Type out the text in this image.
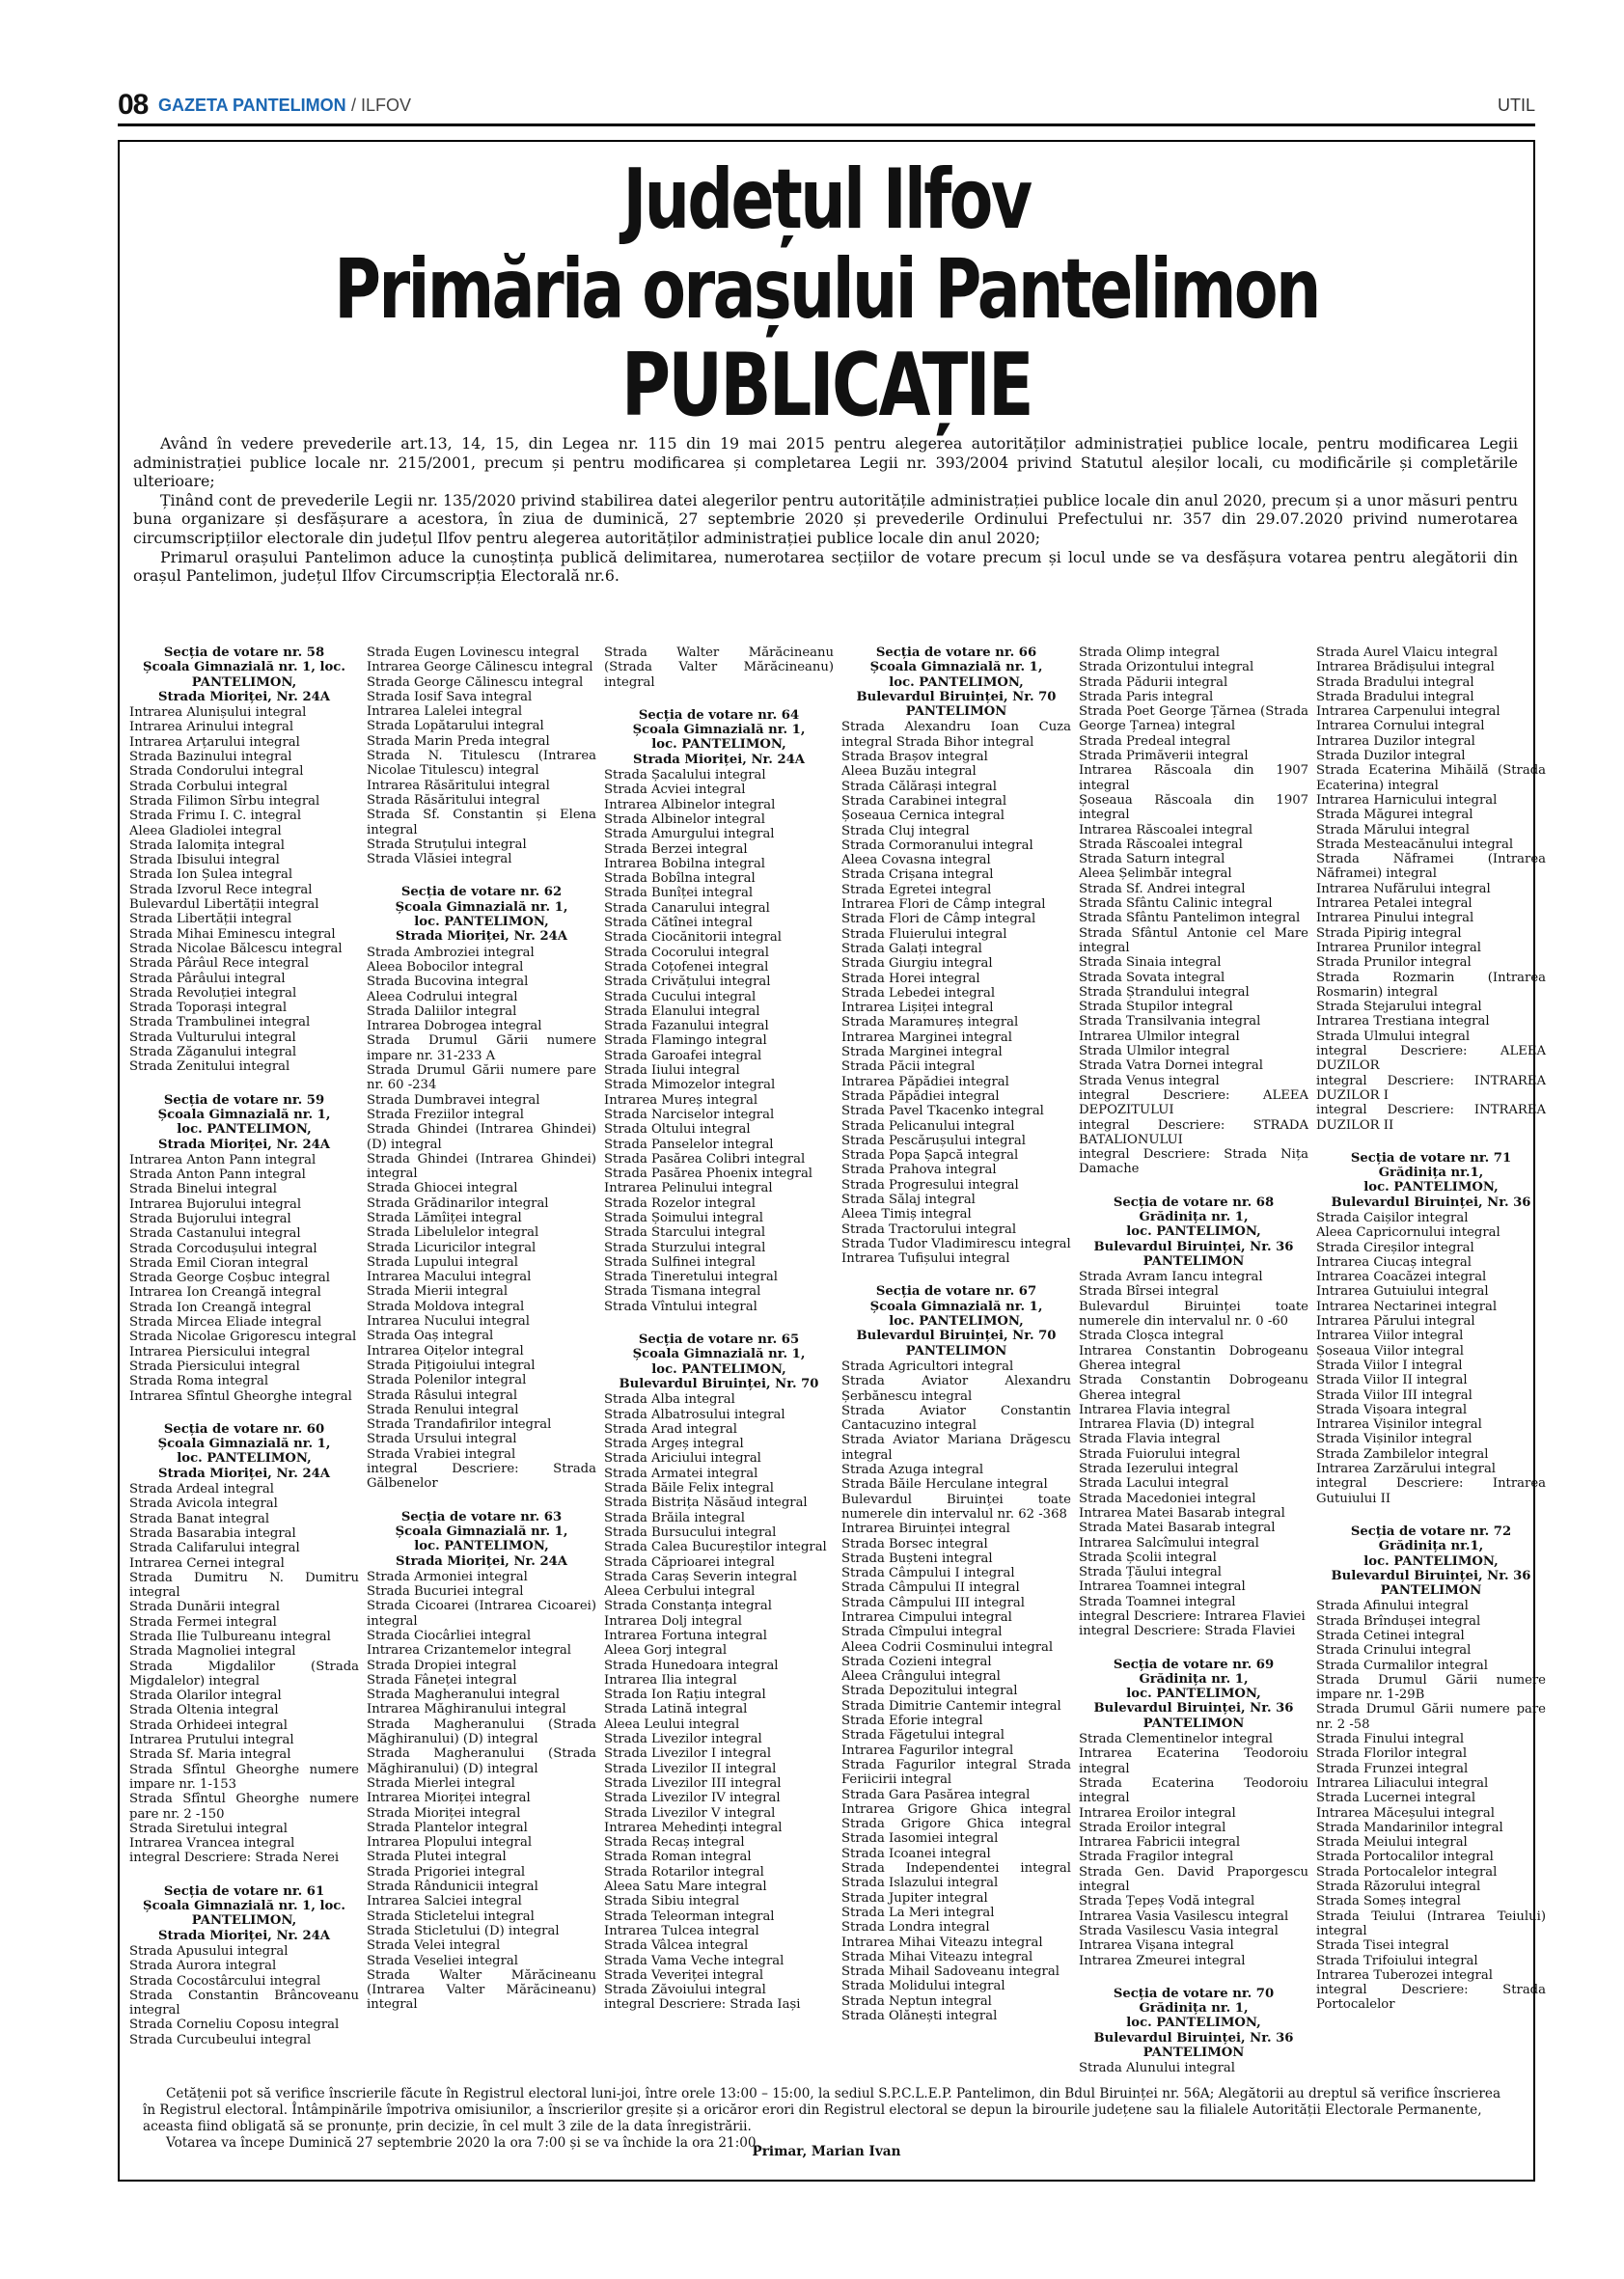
08 GAZETA PANTELIMON / ILFOV	UTIL
Județul Ilfov
Primăria orașului Pantelimon
PUBLICAȚIE

Având în vedere prevederile art.13, 14, 15, din Legea nr. 115 din 19 mai 2015 pentru alegerea autorităților administrației publice locale, pentru modificarea Legii administrației publice locale nr. 215/2001, precum și pentru modificarea și completarea Legii nr. 393/2004 privind Statutul aleșilor locali, cu modificările și completările ulterioare;

Ținând cont de prevederile Legii nr. 135/2020 privind stabilirea datei alegerilor pentru autoritățile administrației publice locale din anul 2020, precum și a unor măsuri pentru buna organizare și desfășurare a acestora, în ziua de duminică, 27 septembrie 2020 și prevederile Ordinului Prefectului nr. 357 din 29.07.2020 privind numerotarea circumscripțiilor electorale din județul Ilfov pentru alegerea autorităților administrației publice locale din anul 2020;

Primarul orașului Pantelimon aduce la cunoștința publică delimitarea, numerotarea secțiilor de votare precum și locul unde se va desfășura votarea pentru alegătorii din orașul Pantelimon, județul Ilfov Circumscripția Electorală nr.6.

Secția de votare nr. 58
Școala Gimnazială nr. 1, loc.
PANTELIMON,
Strada Mioriței, Nr. 24A
Intrarea Alunișului integral
Intrarea Arinului integral
Intrarea Arțarului integral
Strada Bazinului integral
Strada Condorului integral
Strada Corbului integral
Strada Filimon Sîrbu integral
Strada Frimu I. C. integral
Aleea Gladiolei integral
Strada Ialomița integral
Strada Ibisului integral
Strada Ion Șulea integral
Strada Izvorul Rece integral
Bulevardul Libertății integral
Strada Libertății integral
Strada Mihai Eminescu integral
Strada Nicolae Bălcescu integral
Strada Pârâul Rece integral
Strada Pârâului integral
Strada Revoluției integral
Strada Toporași integral
Strada Trambulinei integral
Strada Vulturului integral
Strada Zăganului integral
Strada Zenitului integral
Secția de votare nr. 59
Școala Gimnazială nr. 1,
loc. PANTELIMON,
Strada Mioriței, Nr. 24A
Intrarea Anton Pann integral
Strada Anton Pann integral
Strada Binelui integral
Intrarea Bujorului integral
Strada Bujorului integral
Strada Castanului integral
Strada Corcodușului integral
Strada Emil Cioran integral
Strada George Coșbuc integral
Intrarea Ion Creangă integral
Strada Ion Creangă integral
Strada Mircea Eliade integral
Strada Nicolae Grigorescu integral
Intrarea Piersicului integral
Strada Piersicului integral
Strada Roma integral
Intrarea Sfîntul Gheorghe integral
Secția de votare nr. 60
Școala Gimnazială nr. 1,
loc. PANTELIMON,
Strada Mioriței, Nr. 24A
Strada Ardeal integral
Strada Avicola integral
Strada Banat integral
Strada Basarabia integral
Strada Califarului integral
Intrarea Cernei integral
Strada Dumitru N. Dumitru integral
Strada Dunării integral
Strada Fermei integral
Strada Ilie Tulbureanu integral
Strada Magnoliei integral
Strada Migdalilor (Strada Migdalelor) integral
Strada Olarilor integral
Strada Oltenia integral
Strada Orhideei integral
Intrarea Prutului integral
Strada Sf. Maria integral
Strada Sfîntul Gheorghe numere impare nr. 1-153
Strada Sfîntul Gheorghe numere pare nr. 2 -150
Strada Siretului integral
Intrarea Vrancea integral
integral Descriere: Strada Nerei
Secția de votare nr. 61
Școala Gimnazială nr. 1, loc.
PANTELIMON,
Strada Mioriței, Nr. 24A
Strada Apusului integral
Strada Aurora integral
Strada Cocostârcului integral
Strada Constantin Brâncoveanu integral
Strada Corneliu Coposu integral
Strada Curcubeului integral
Strada Eugen Lovinescu integral
Intrarea George Călinescu integral
Strada George Călinescu integral
Strada Iosif Sava integral
Intrarea Lalelei integral
Strada Lopătarului integral
Strada Marin Preda integral
Strada N. Titulescu (Intrarea Nicolae Titulescu) integral
Intrarea Răsăritului integral
Strada Răsăritului integral
Strada Sf. Constantin și Elena integral
Strada Struțului integral
Strada Vlăsiei integral
Secția de votare nr. 62
Școala Gimnazială nr. 1,
loc. PANTELIMON,
Strada Mioriței, Nr. 24A
Strada Ambroziei integral
Aleea Bobocilor integral
Strada Bucovina integral
Aleea Codrului integral
Strada Daliilor integral
Intrarea Dobrogea integral
Strada Drumul Gării numere impare nr. 31-233 A
Strada Drumul Gării numere pare nr. 60 -234
Strada Dumbravei integral
Strada Freziilor integral
Strada Ghindei (Intrarea Ghindei) (D) integral
Strada Ghindei (Intrarea Ghindei) integral
Strada Ghiocei integral
Strada Grădinarilor integral
Strada Lămîiței integral
Strada Libelulelor integral
Strada Licuricilor integral
Strada Lupului integral
Intrarea Macului integral
Strada Mierii integral
Strada Moldova integral
Intrarea Nucului integral
Strada Oaș integral
Intrarea Oițelor integral
Strada Pițigoiului integral
Strada Polenilor integral
Strada Râsului integral
Strada Renului integral
Strada Trandafirilor integral
Strada Ursului integral
Strada Vrabiei integral
integral Descriere: Strada Gălbenelor
Secția de votare nr. 63
Școala Gimnazială nr. 1,
loc. PANTELIMON,
Strada Mioriței, Nr. 24A
Strada Armoniei integral
Strada Bucuriei integral
Strada Cicoarei (Intrarea Cicoarei) integral
Strada Ciocârliei integral
Intrarea Crizantemelor integral
Strada Dropiei integral
Strada Fâneței integral
Strada Magheranului integral
Intrarea Măghiranului integral
Strada Magheranului (Strada Măghiranului) (D) integral
Strada Magheranului (Strada Măghiranului) (D) integral
Strada Mierlei integral
Intrarea Mioriței integral
Strada Mioriței integral
Strada Plantelor integral
Intrarea Plopului integral
Strada Plutei integral
Strada Prigoriei integral
Strada Rândunicii integral
Intrarea Salciei integral
Strada Sticletelui integral
Strada Sticletului (D) integral
Strada Velei integral
Strada Veseliei integral
Strada Walter Mărăcineanu (Intrarea Valter Mărăcineanu) integral
Strada Walter Mărăcineanu (Strada Valter Mărăcineanu) integral
Secția de votare nr. 64
Școala Gimnazială nr. 1,
loc. PANTELIMON,
Strada Mioriței, Nr. 24A
Strada Șacalului integral
Strada Acviei integral
Intrarea Albinelor integral
Strada Albinelor integral
Strada Amurgului integral
Strada Berzei integral
Intrarea Bobilna integral
Strada Bobîlna integral
Strada Bunîței integral
Strada Canarului integral
Strada Cătînei integral
Strada Ciocănitorii integral
Strada Cocorului integral
Strada Coțofenei integral
Strada Crivățului integral
Strada Cucului integral
Strada Elanului integral
Strada Fazanului integral
Strada Flamingo integral
Strada Garoafei integral
Strada Iiului integral
Strada Mimozelor integral
Intrarea Mureș integral
Strada Narciselor integral
Strada Oltului integral
Strada Panselelor integral
Strada Pasărea Colibri integral
Strada Pasărea Phoenix integral
Intrarea Pelinului integral
Strada Rozelor integral
Strada Șoimului integral
Strada Starcului integral
Strada Sturzului integral
Strada Sulfinei integral
Strada Tineretului integral
Strada Tismana integral
Strada Vîntului integral
Secția de votare nr. 65
Școala Gimnazială nr. 1,
loc. PANTELIMON,
Bulevardul Biruinței, Nr. 70
Strada Alba integral
Strada Albatrosului integral
Strada Arad integral
Strada Argeș integral
Strada Ariciului integral
Strada Armatei integral
Strada Băile Felix integral
Strada Bistrița Năsăud integral
Strada Brăila integral
Strada Bursucului integral
Strada Calea Bucureștilor integral
Strada Căprioarei integral
Strada Caraș Severin integral
Aleea Cerbului integral
Strada Constanța integral
Intrarea Dolj integral
Intrarea Fortuna integral
Aleea Gorj integral
Strada Hunedoara integral
Intrarea Ilia integral
Strada Ion Rațiu integral
Strada Latină integral
Aleea Leului integral
Strada Livezilor integral
Strada Livezilor I integral
Strada Livezilor II integral
Strada Livezilor III integral
Strada Livezilor IV integral
Strada Livezilor V integral
Intrarea Mehedinți integral
Strada Recaș integral
Strada Roman integral
Strada Rotarilor integral
Aleea Satu Mare integral
Strada Sibiu integral
Strada Teleorman integral
Intrarea Tulcea integral
Strada Vâlcea integral
Strada Vama Veche integral
Strada Veveriței integral
Strada Zăvoiului integral
integral Descriere: Strada Iași
Secția de votare nr. 66
Școala Gimnazială nr. 1,
loc. PANTELIMON,
Bulevardul Biruinței, Nr. 70
PANTELIMON
Strada Alexandru Ioan Cuza integral Strada Bihor integral
Strada Brașov integral
Aleea Buzău integral
Strada Călărași integral
Strada Carabinei integral
Șoseaua Cernica integral
Strada Cluj integral
Strada Cormoranului integral
Aleea Covasna integral
Strada Crișana integral
Strada Egretei integral
Intrarea Flori de Câmp integral
Strada Flori de Câmp integral
Strada Fluierului integral
Strada Galați integral
Strada Giurgiu integral
Strada Horei integral
Strada Lebedei integral
Intrarea Lișiței integral
Strada Maramureș integral
Intrarea Marginei integral
Strada Marginei integral
Strada Păcii integral
Intrarea Păpădiei integral
Strada Păpădiei integral
Strada Pavel Tkacenko integral
Strada Pelicanului integral
Strada Pescărușului integral
Strada Popa Șapcă integral
Strada Prahova integral
Strada Progresului integral
Strada Sălaj integral
Aleea Timiș integral
Strada Tractorului integral
Strada Tudor Vladimirescu integral
Intrarea Tufișului integral
Secția de votare nr. 67
Școala Gimnazială nr. 1,
loc. PANTELIMON,
Bulevardul Biruinței, Nr. 70
PANTELIMON
Strada Agricultori integral
Strada Aviator Alexandru Șerbănescu integral
Strada Aviator Constantin Cantacuzino integral
Strada Aviator Mariana Drăgescu integral
Strada Azuga integral
Strada Băile Herculane integral
Bulevardul Biruinței toate numerele din intervalul nr. 62 -368
Intrarea Biruinței integral
Strada Borsec integral
Strada Bușteni integral
Strada Câmpului I integral
Strada Câmpului II integral
Strada Câmpului III integral
Intrarea Cimpului integral
Strada Cîmpului integral
Aleea Codrii Cosminului integral
Strada Cozieni integral
Aleea Crângului integral
Strada Depozitului integral
Strada Dimitrie Cantemir integral
Strada Eforie integral
Strada Făgetului integral
Intrarea Fagurilor integral
Strada Fagurilor integral Strada Feriicirii integral
Strada Gara Pasărea integral
Intrarea Grigore Ghica integral Strada Grigore Ghica integral Strada Iasomiei integral
Strada Icoanei integral
Strada Independentei integral Strada Islazului integral
Strada Jupiter integral
Strada La Meri integral
Strada Londra integral
Intrarea Mihai Viteazu integral
Strada Mihai Viteazu integral
Strada Mihail Sadoveanu integral
Strada Molidului integral
Strada Neptun integral
Strada Olănești integral
Strada Olimp integral
Strada Orizontului integral
Strada Pădurii integral
Strada Paris integral
Strada Poet George Țărnea (Strada George Țarnea) integral
Strada Predeal integral
Strada Primăverii integral
Intrarea Răscoala din 1907 integral
Șoseaua Răscoala din 1907 integral
Intrarea Răscoalei integral
Strada Răscoalei integral
Strada Saturn integral
Aleea Șelimbăr integral
Strada Sf. Andrei integral
Strada Sfântu Calinic integral
Strada Sfântu Pantelimon integral
Strada Sfântul Antonie cel Mare integral
Strada Sinaia integral
Strada Sovata integral
Strada Ștrandului integral
Strada Stupilor integral
Strada Transilvania integral
Intrarea Ulmilor integral
Strada Ulmilor integral
Strada Vatra Dornei integral
Strada Venus integral
integral Descriere: ALEEA DEPOZITULUI
integral Descriere: STRADA BATALIONULUI
integral Descriere: Strada Nița Damache
Secția de votare nr. 68
Grădinița nr. 1,
loc. PANTELIMON,
Bulevardul Biruinței, Nr. 36
PANTELIMON
Strada Avram Iancu integral
Strada Bîrsei integral
Bulevardul Biruinței toate numerele din intervalul nr. 0 -60
Strada Cloșca integral
Intrarea Constantin Dobrogeanu Gherea integral
Strada Constantin Dobrogeanu Gherea integral
Intrarea Flavia integral
Intrarea Flavia (D) integral
Strada Flavia integral
Strada Fuiorului integral
Strada Iezerului integral
Strada Lacului integral
Strada Macedoniei integral
Intrarea Matei Basarab integral
Strada Matei Basarab integral
Intrarea Salcîmului integral
Strada Școlii integral
Strada Țăului integral
Intrarea Toamnei integral
Strada Toamnei integral
integral Descriere: Intrarea Flaviei
integral Descriere: Strada Flaviei
Secția de votare nr. 69
Grădinița nr. 1,
loc. PANTELIMON,
Bulevardul Biruinței, Nr. 36
PANTELIMON
Strada Clementinelor integral
Intrarea Ecaterina Teodoroiu integral
Strada Ecaterina Teodoroiu integral
Intrarea Eroilor integral
Strada Eroilor integral
Intrarea Fabricii integral
Strada Fragilor integral
Strada Gen. David Praporgescu integral
Strada Țepeș Vodă integral
Intrarea Vasia Vasilescu integral
Strada Vasilescu Vasia integral
Intrarea Vișana integral
Intrarea Zmeurei integral
Secția de votare nr. 70
Grădinița nr. 1,
loc. PANTELIMON,
Bulevardul Biruinței, Nr. 36
PANTELIMON
Strada Alunului integral
Strada Aurel Vlaicu integral
Intrarea Brădișului integral
Strada Bradului integral
Strada Bradului integral
Intrarea Carpenului integral
Intrarea Cornului integral
Intrarea Duzilor integral
Strada Duzilor integral
Strada Ecaterina Mihăilă (Strada Ecaterina) integral
Intrarea Harnicului integral
Strada Măgurei integral
Strada Mărului integral
Strada Mesteacănului integral
Strada Năframei (Intrarea Năframei) integral
Intrarea Nufărului integral
Intrarea Petalei integral
Intrarea Pinului integral
Strada Pipirig integral
Intrarea Prunilor integral
Strada Prunilor integral
Strada Rozmarin (Intrarea Rosmarin) integral
Strada Stejarului integral
Intrarea Trestiana integral
Strada Ulmului integral
integral Descriere: ALEEA DUZILOR
integral Descriere: INTRAREA DUZILOR I
integral Descriere: INTRAREA DUZILOR II
Secția de votare nr. 71
Grădinița nr.1,
loc. PANTELIMON,
Bulevardul Biruinței, Nr. 36
Strada Caișilor integral
Aleea Capricornului integral
Strada Cireșilor integral
Intrarea Ciucaș integral
Intrarea Coacăzei integral
Intrarea Gutuiului integral
Intrarea Nectarinei integral
Intrarea Părului integral
Intrarea Viilor integral
Șoseaua Viilor integral
Strada Viilor I integral
Strada Viilor II integral
Strada Viilor III integral
Strada Vișoara integral
Intrarea Vișinilor integral
Strada Vișinilor integral
Strada Zambilelor integral
Intrarea Zarzărului integral
integral Descriere: Intrarea Gutuiului II
Secția de votare nr. 72
Grădinița nr.1,
loc. PANTELIMON,
Bulevardul Biruinței, Nr. 36
PANTELIMON
Strada Afinului integral
Strada Brîndușei integral
Strada Cetinei integral
Strada Crinului integral
Strada Curmalilor integral
Strada Drumul Gării numere impare nr. 1-29B
Strada Drumul Gării numere pare nr. 2 -58
Strada Finului integral
Strada Florilor integral
Strada Frunzei integral
Intrarea Liliacului integral
Strada Lucernei integral
Intrarea Măceșului integral
Strada Mandarinilor integral
Strada Meiului integral
Strada Portocalilor integral
Strada Portocalelor integral
Strada Răzorului integral
Strada Someș integral
Strada Teiului (Intrarea Teiului) integral
Strada Tisei integral
Strada Trifoiului integral
Intrarea Tuberozei integral
integral Descriere: Strada Portocalelor

Cetățenii pot să verifice înscrierile făcute în Registrul electoral luni-joi, între orele 13:00 – 15:00, la sediul S.P.C.L.E.P. Pantelimon, din Bdul Biruinței nr. 56A; Alegătorii au dreptul să verifice înscrierea în Registrul electoral. Întâmpinările împotriva omisiunilor, a înscrierilor greșite și a oricăror erori din Registrul electoral se depun la birourile județene sau la filialele Autorității Electorale Permanente, aceasta fiind obligată să se pronunțe, prin decizie, în cel mult 3 zile de la data înregistrării.

Votarea va începe Duminică 27 septembrie 2020 la ora 7:00 și se va închide la ora 21:00.

Primar, Marian Ivan
